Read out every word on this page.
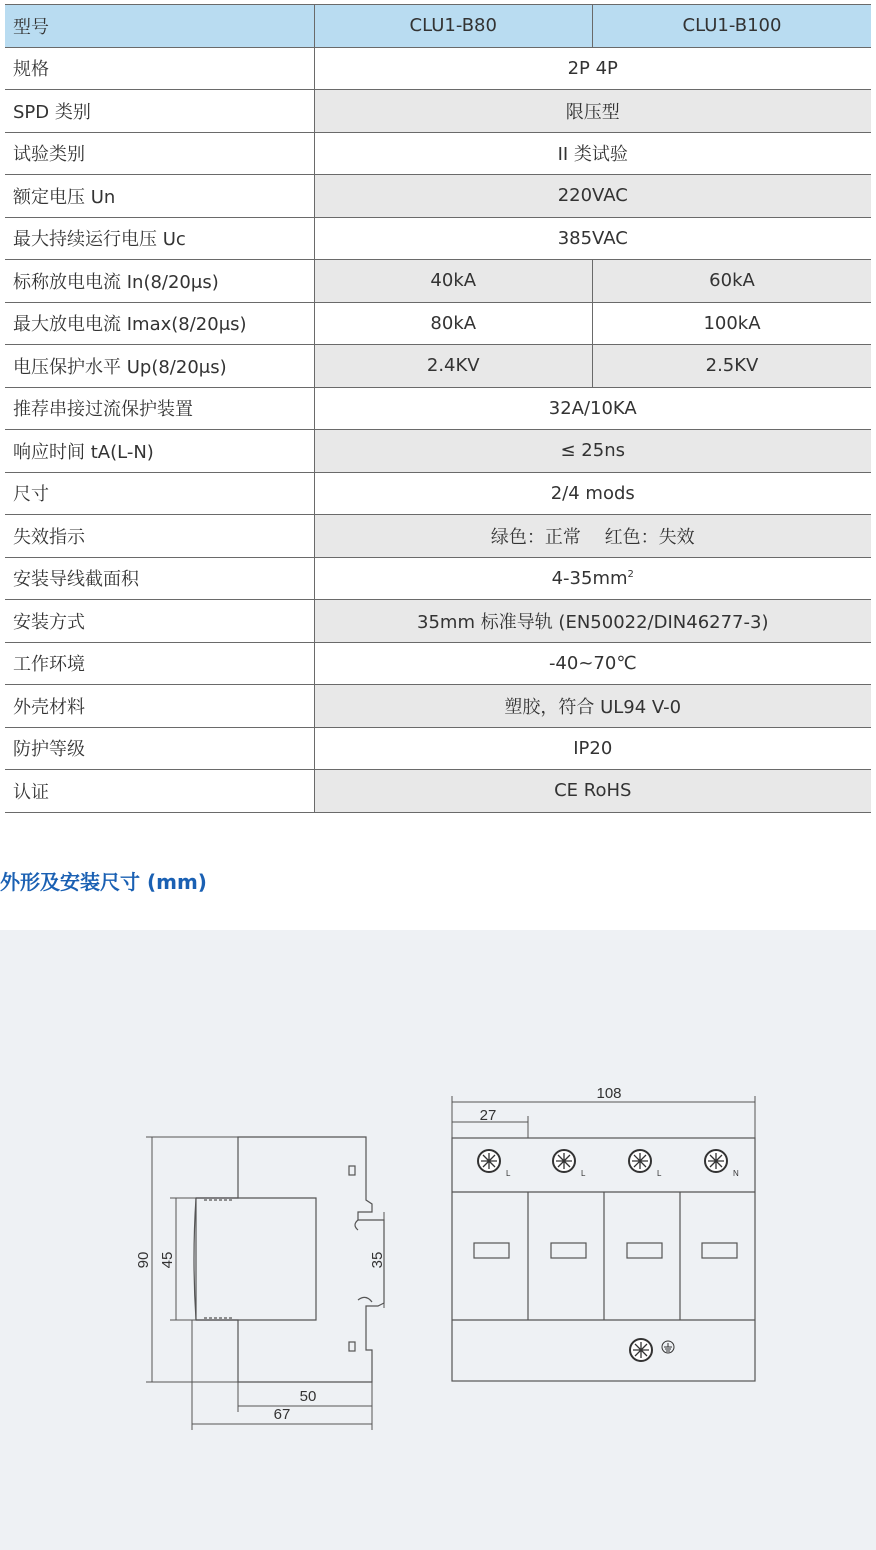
型号	CLU1-B80	CLU1-B100
规格	2P 4P	
SPD 类别	限压型	
试验类别	II 类试验	
额定电压 Un	220VAC	
最大持续运行电压 Uc	385VAC	
标称放电电流 In(8/20μs)	40kA	60kA
最大放电电流 Imax(8/20μs)	80kA	100kA
电压保护水平 Up(8/20μs)	2.4KV	2.5KV
推荐串接过流保护装置	32A/10KA	
响应时间 tA(L-N)	≤ 25ns	
尺寸	2/4 mods	
失效指示	绿色：正常　 红色：失效	
安装导线截面积	$4-35mm^2$
安装方式	35mm 标准导轨 (EN50022/DIN46277-3)	
工作环境	-40~70℃	
外壳材料	塑胶，符合 UL94 V-0	
防护等级	IP20	
认证	CE RoHS	
外形及安装尺寸 (mm)
90 45	35
50
67
108
27
L	L	L	N
